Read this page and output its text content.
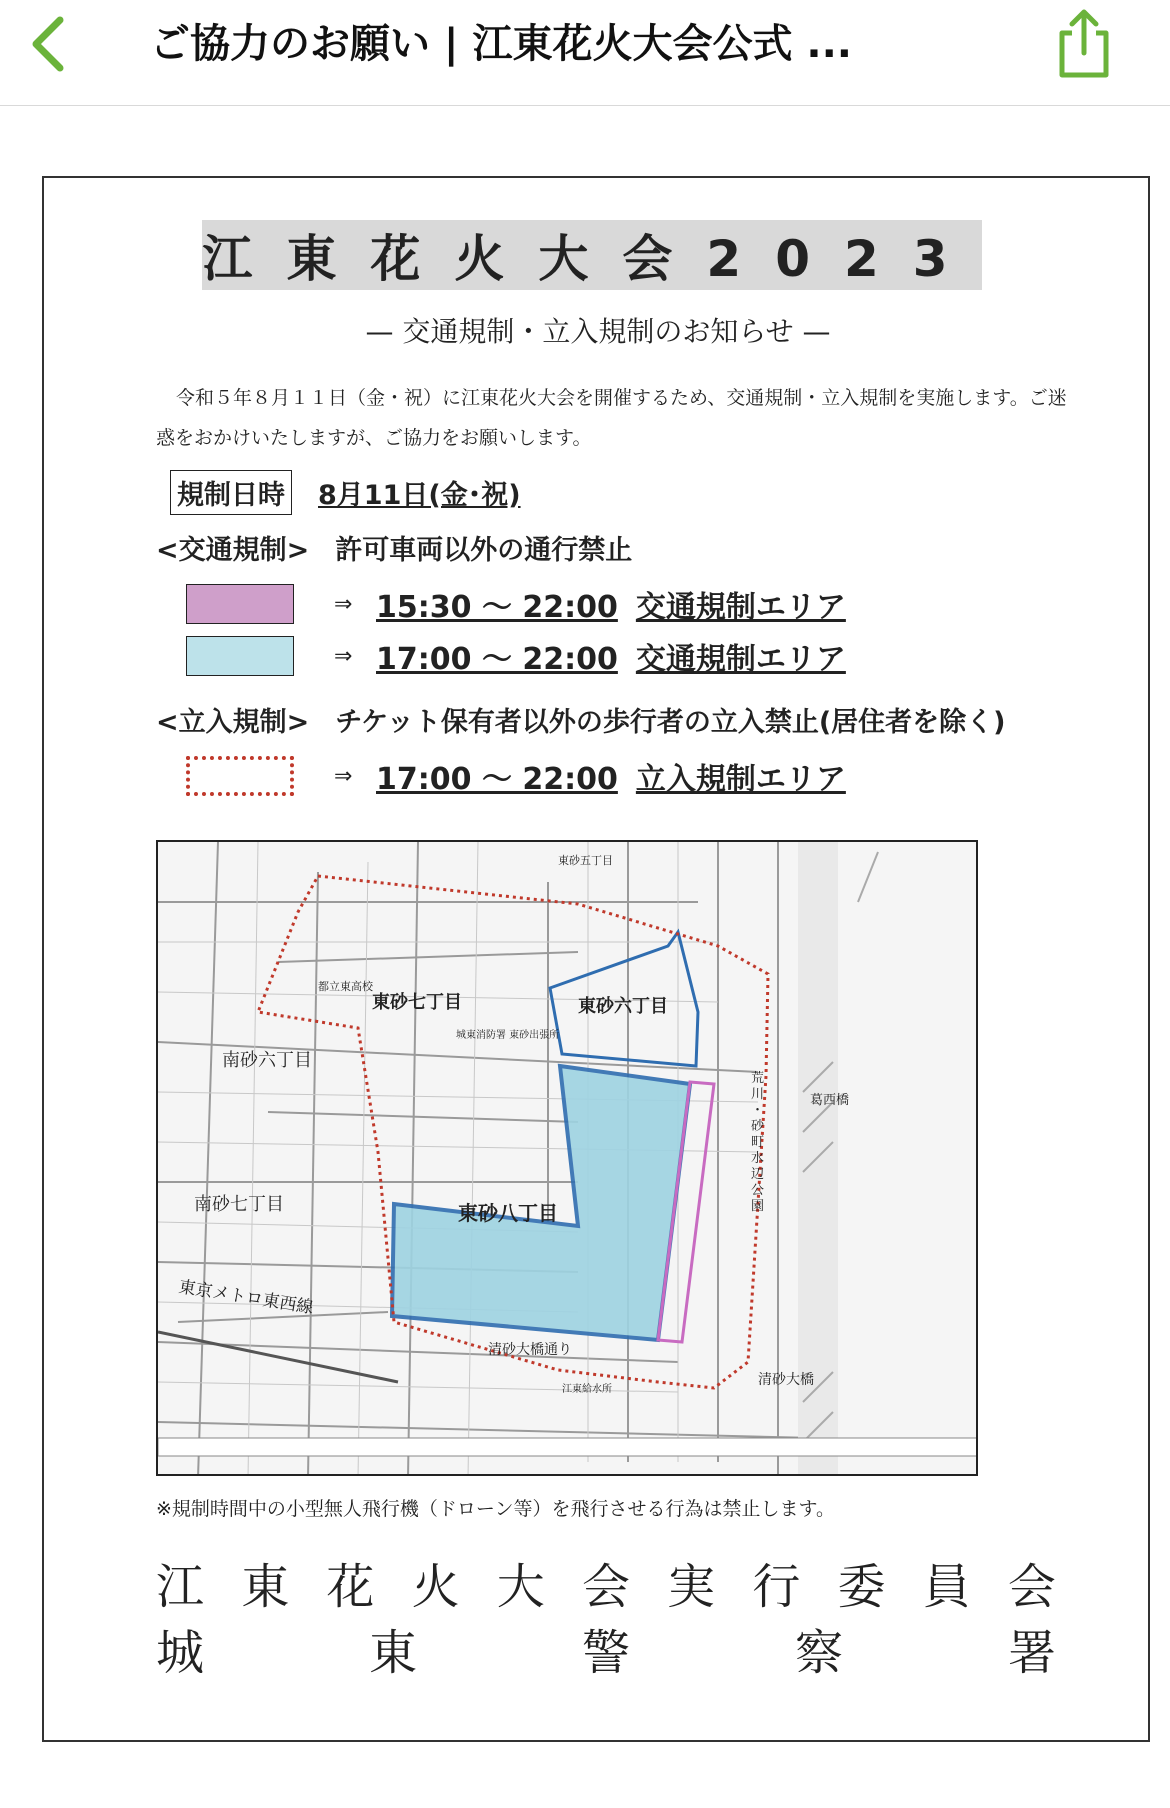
ご協力のお願い | 江東花火大会公式 ...
江東花火大会2023
— 交通規制・立入規制のお知らせ —
令和５年８月１１日（金・祝）に江東花火大会を開催するため、交通規制・立入規制を実施します。ご迷惑をおかけいたしますが、ご協力をお願いします。
規制日時 8月11日(金･祝)
<交通規制> 許可車両以外の通行禁止
⇒ 15:30 ～ 22:00 交通規制エリア
⇒ 17:00 ～ 22:00 交通規制エリア
<立入規制> チケット保有者以外の歩行者の立入禁止(居住者を除く)
⇒ 17:00 ～ 22:00 立入規制エリア
東砂七丁目	東砂六丁目
東砂八丁目
南砂六丁目
南砂七丁目
東京メトロ東西線
清砂大橋通り
清砂大橋
葛西橋
東砂五丁目
都立東高校
城東消防署 東砂出張所
江東給水所
荒川・砂町水辺公園
※規制時間中の小型無人飛行機（ドローン等）を飛行させる行為は禁止します。
江 東 花 火 大 会 実 行 委 員 会
城	東	警	察	署
